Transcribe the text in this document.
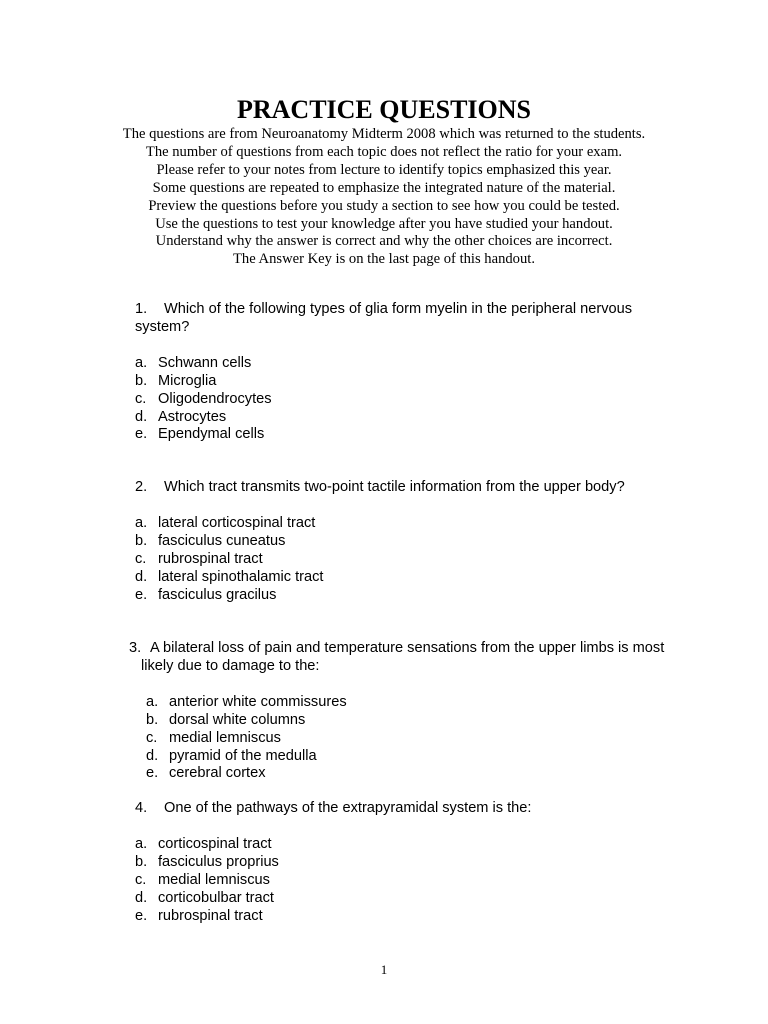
PRACTICE QUESTIONS
The questions are from Neuroanatomy Midterm 2008 which was returned to the students.
The number of questions from each topic does not reflect the ratio for your exam.
Please refer to your notes from lecture to identify topics emphasized this year.
Some questions are repeated to emphasize the integrated nature of the material.
Preview the questions before you study a section to see how you could be tested.
Use the questions to test your knowledge after you have studied your handout.
Understand why the answer is correct and why the other choices are incorrect.
The Answer Key is on the last page of this handout.

1. Which of the following types of glia form myelin in the peripheral nervous system?

a. Schwann cells
b. Microglia
c. Oligodendrocytes
d. Astrocytes
e. Ependymal cells

2. Which tract transmits two-point tactile information from the upper body?

a. lateral corticospinal tract
b. fasciculus cuneatus
c. rubrospinal tract
d. lateral spinothalamic tract
e. fasciculus gracilus

3. A bilateral loss of pain and temperature sensations from the upper limbs is most likely due to damage to the:

a. anterior white commissures
b. dorsal white columns
c. medial lemniscus
d. pyramid of the medulla
e. cerebral cortex

4. One of the pathways of the extrapyramidal system is the:

a. corticospinal tract
b. fasciculus proprius
c. medial lemniscus
d. corticobulbar tract
e. rubrospinal tract
1
